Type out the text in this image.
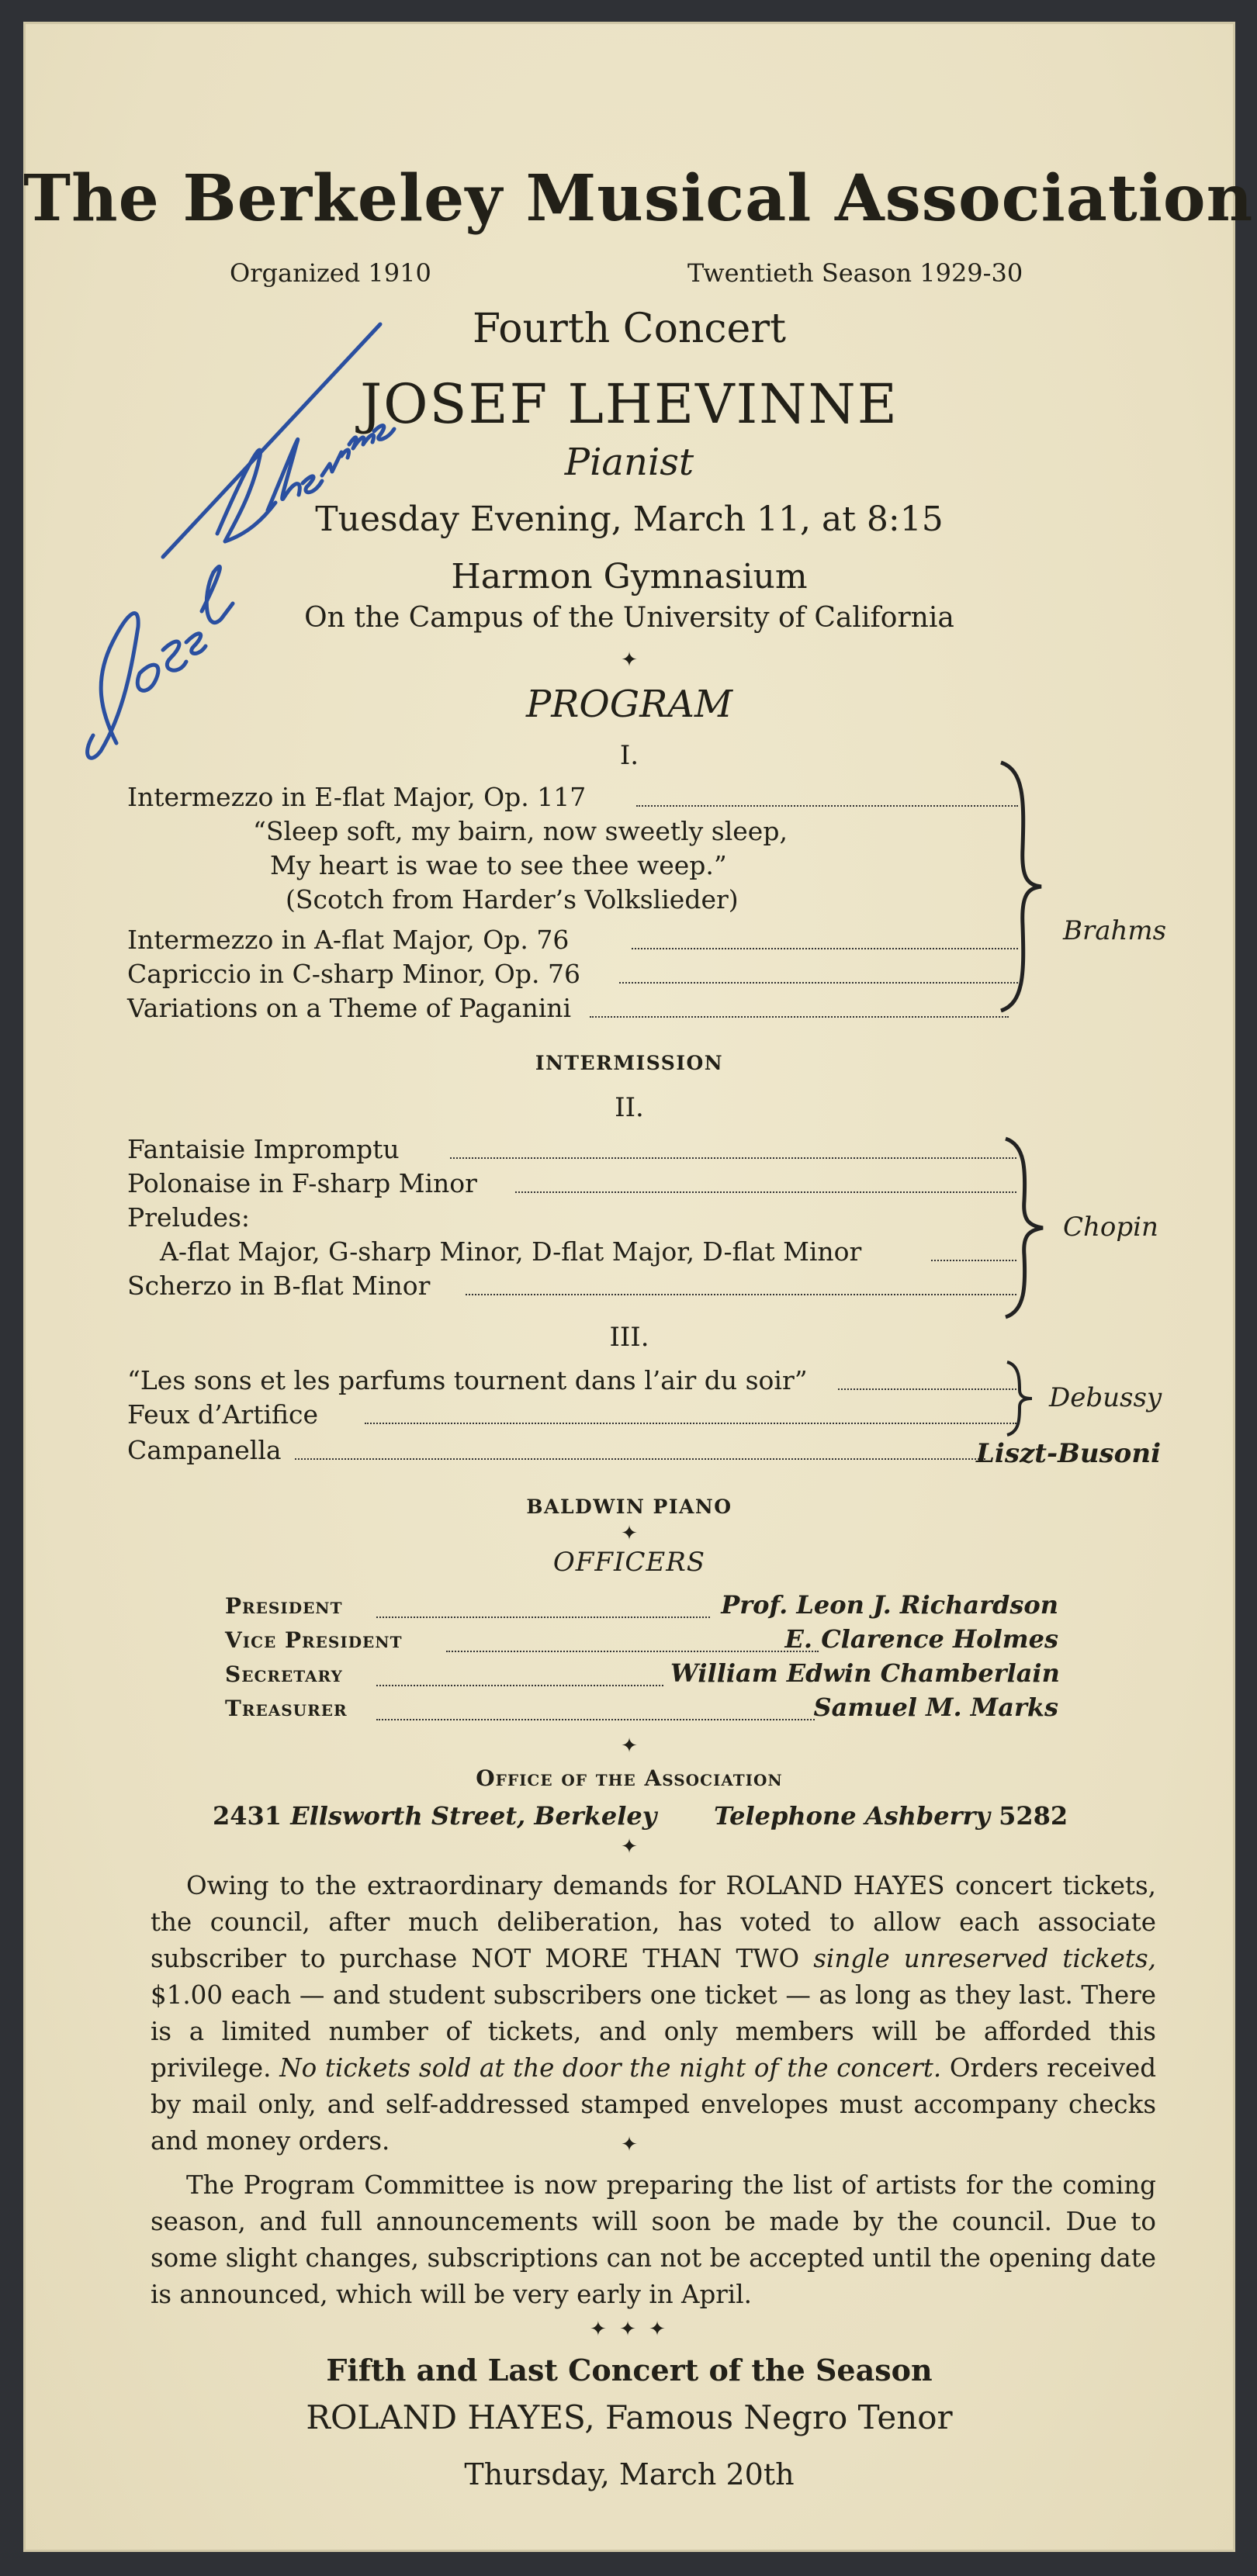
The Berkeley Musical Association
Organized 1910	Twentieth Season 1929-30
Fourth Concert
JOSEF LHEVINNE
Pianist
Tuesday Evening, March 11, at 8:15
Harmon Gymnasium
On the Campus of the University of California
✦
PROGRAM
I.
Intermezzo in E-flat Major, Op. 117
“Sleep soft, my bairn, now sweetly sleep,
My heart is wae to see thee weep.”
(Scotch from Harder’s Volkslieder)
Intermezzo in A-flat Major, Op. 76
Capriccio in C-sharp Minor, Op. 76
Variations on a Theme of Paganini
Brahms
INTERMISSION
II.
Fantaisie Impromptu
Polonaise in F-sharp Minor
Preludes:
A-flat Major, G-sharp Minor, D-flat Major, D-flat Minor
Scherzo in B-flat Minor
Chopin
III.
“Les sons et les parfums tournent dans l’air du soir”
Feux d’Artifice
Debussy
Campanella	Liszt-Busoni
BALDWIN PIANO
✦
OFFICERS
President	Prof. Leon J. Richardson
Vice President	E. Clarence Holmes
Secretary	William Edwin Chamberlain
Treasurer	Samuel M. Marks
✦
Office of the Association
2431 Ellsworth Street, Berkeley Telephone Ashberry 5282
✦
Owing to the extraordinary demands for ROLAND HAYES concert tickets, the council, after much deliberation, has voted to allow each associate subscriber to purchase NOT MORE THAN TWO single unreserved tickets, $1.00 each — and student subscribers one ticket — as long as they last. There is a limited number of tickets, and only members will be afforded this privilege. No tickets sold at the door the night of the concert. Orders received by mail only, and self-addressed stamped envelopes must accompany checks and money orders.	✦
The Program Committee is now preparing the list of artists for the coming season, and full announcements will soon be made by the council. Due to some slight changes, subscriptions can not be accepted until the opening date is announced, which will be very early in April.
✦ ✦ ✦
Fifth and Last Concert of the Season
ROLAND HAYES, Famous Negro Tenor
Thursday, March 20th
